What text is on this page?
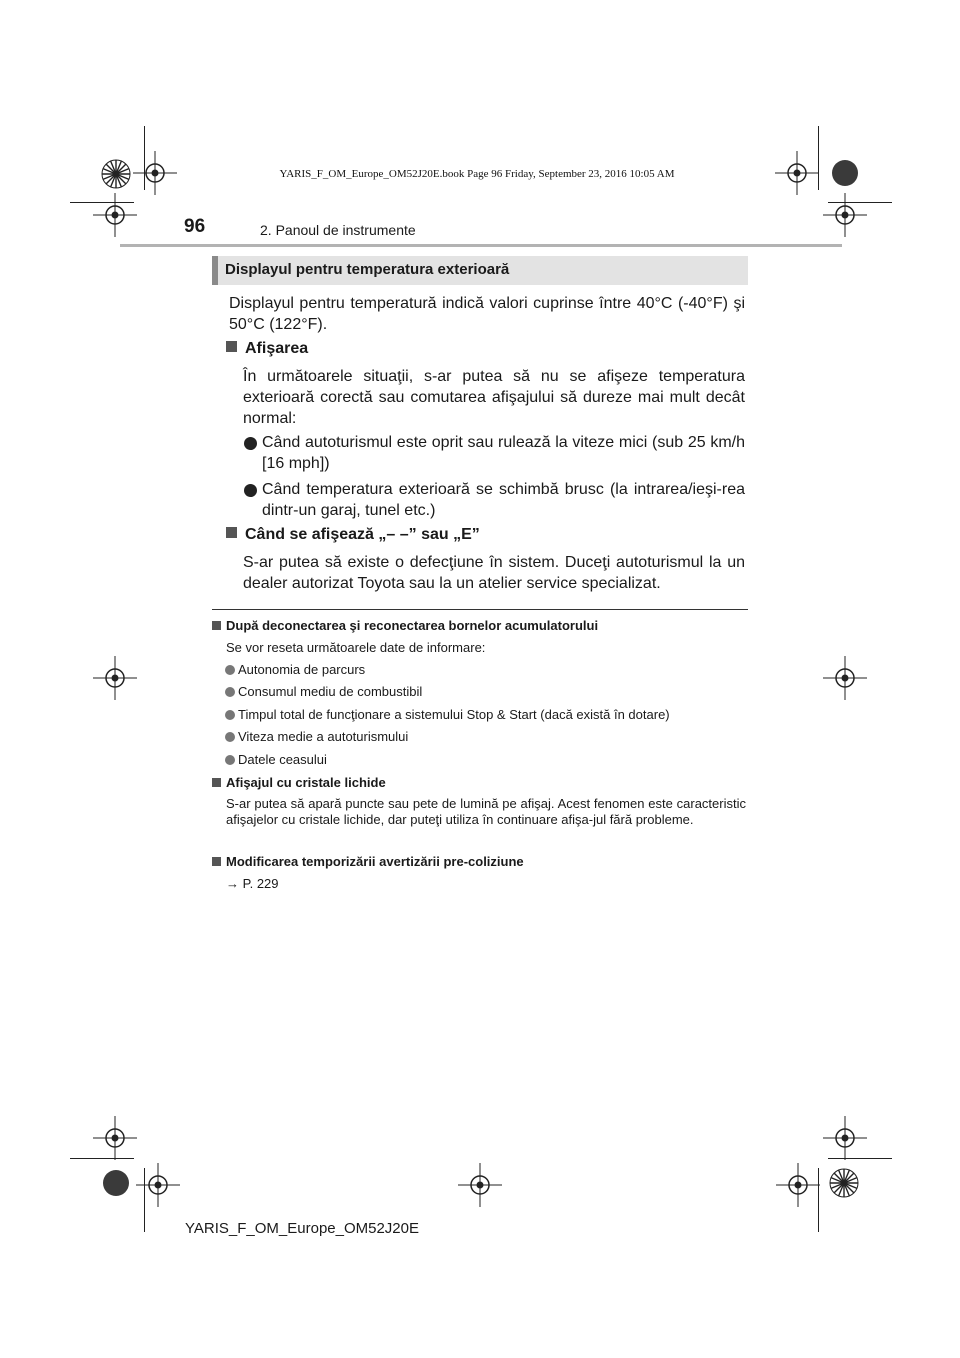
YARIS_F_OM_Europe_OM52J20E.book Page 96 Friday, September 23, 2016 10:05 AM
96	2. Panoul de instrumente
Displayul pentru temperatura exterioară
Displayul pentru temperatură indică valori cuprinse între 40°C (-40°F) şi 50°C (122°F).
Afişarea
În următoarele situaţii, s-ar putea să nu se afişeze temperatura exterioară corectă sau comutarea afişajului să dureze mai mult decât normal:
Când autoturismul este oprit sau rulează la viteze mici (sub 25 km/h [16 mph])
Când temperatura exterioară se schimbă brusc (la intrarea/ieşi-rea dintr-un garaj, tunel etc.)
Când se afişează „– –” sau „E”
S-ar putea să existe o defecţiune în sistem. Duceţi autoturismul la un dealer autorizat Toyota sau la un atelier service specializat.
După deconectarea şi reconectarea bornelor acumulatorului
Se vor reseta următoarele date de informare:
Autonomia de parcurs
Consumul mediu de combustibil
Timpul total de funcţionare a sistemului Stop & Start (dacă există în dotare)
Viteza medie a autoturismului
Datele ceasului
Afişajul cu cristale lichide
S-ar putea să apară puncte sau pete de lumină pe afişaj. Acest fenomen este caracteristic afişajelor cu cristale lichide, dar puteţi utiliza în continuare afişa-jul fără probleme.
Modificarea temporizării avertizării pre-coliziune
→ P. 229
YARIS_F_OM_Europe_OM52J20E
